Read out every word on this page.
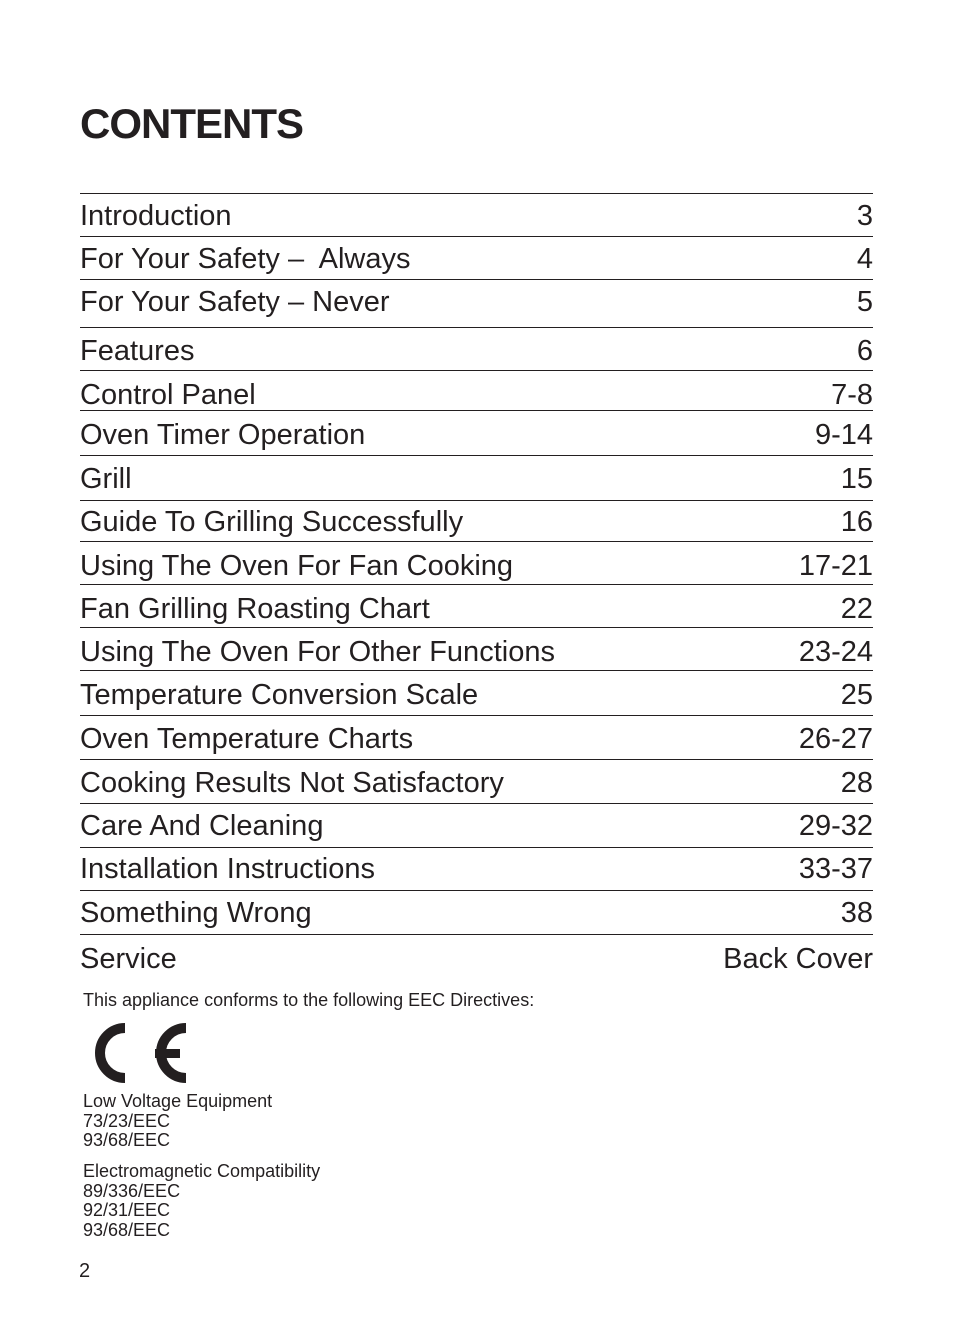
CONTENTS
Introduction	3
For Your Safety –  Always	4
For Your Safety – Never	5
Features	6
Control Panel	7-8
Oven Timer Operation	9-14
Grill	15
Guide To Grilling Successfully	16
Using The Oven For Fan Cooking	17-21
Fan Grilling Roasting Chart	22
Using The Oven For Other Functions	23-24
Temperature Conversion Scale	25
Oven Temperature Charts	26-27
Cooking Results Not Satisfactory	28
Care And Cleaning	29-32
Installation Instructions	33-37
Something Wrong	38
Service	Back Cover

This appliance conforms to the following EEC Directives:

Low Voltage Equipment
73/23/EEC
93/68/EEC
Electromagnetic Compatibility
89/336/EEC
92/31/EEC
93/68/EEC
2
